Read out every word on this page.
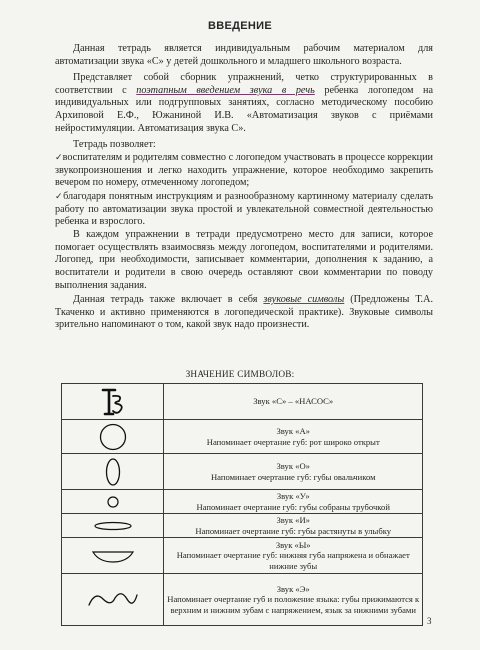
ВВЕДЕНИЕ

Данная тетрадь является индивидуальным рабочим материалом для автоматизации звука «С» у детей дошкольного и младшего школьного возраста.

Представляет собой сборник упражнений, четко структурированных в соответствии с поэтапным введением звука в речь ребенка логопедом на индивидуальных или подгрупповых занятиях, согласно методическому пособию Архиповой Е.Ф., Южаниной И.В. «Автоматизация звуков с приёмами нейростимуляции. Автоматизация звука С».

Тетрадь позволяет:

✓воспитателям и родителям совместно с логопедом участвовать в процессе коррекции звукопроизношения и легко находить упражнение, которое необходимо закрепить вечером по номеру, отмеченному логопедом;

✓благодаря понятным инструкциям и разнообразному картинному материалу сделать работу по автоматизации звука простой и увлекательной совместной деятельностью ребенка и взрослого.

В каждом упражнении в тетради предусмотрено место для записи, которое помогает осуществлять взаимосвязь между логопедом, воспитателями и родителями. Логопед, при необходимости, записывает комментарии, дополнения к заданию, а воспитатели и родители в свою очередь оставляют свои комментарии по поводу выполнения задания.

Данная тетрадь также включает в себя звуковые символы (Предложены Т.А. Ткаченко и активно применяются в логопедической практике). Звуковые символы зрительно напоминают о том, какой звук надо произнести.

ЗНАЧЕНИЕ СИМВОЛОВ:

Звук «С» – «НАСОС»

Звук «А»
Напоминает очертание губ: рот широко открыт

Звук «О»
Напоминает очертание губ: губы овальчиком

Звук «У»
Напоминает очертание губ: губы собраны трубочкой

Звук «И»
Напоминает очертание губ: губы растянуты в улыбку

Звук «Ы»
Напоминает очертание губ: нижняя губа напряжена и обнажает нижние зубы

Звук «Э»
Напоминает очертание губ и положение языка: губы прижимаются к верхним и нижним зубам с напряжением, язык за нижними зубами
3
